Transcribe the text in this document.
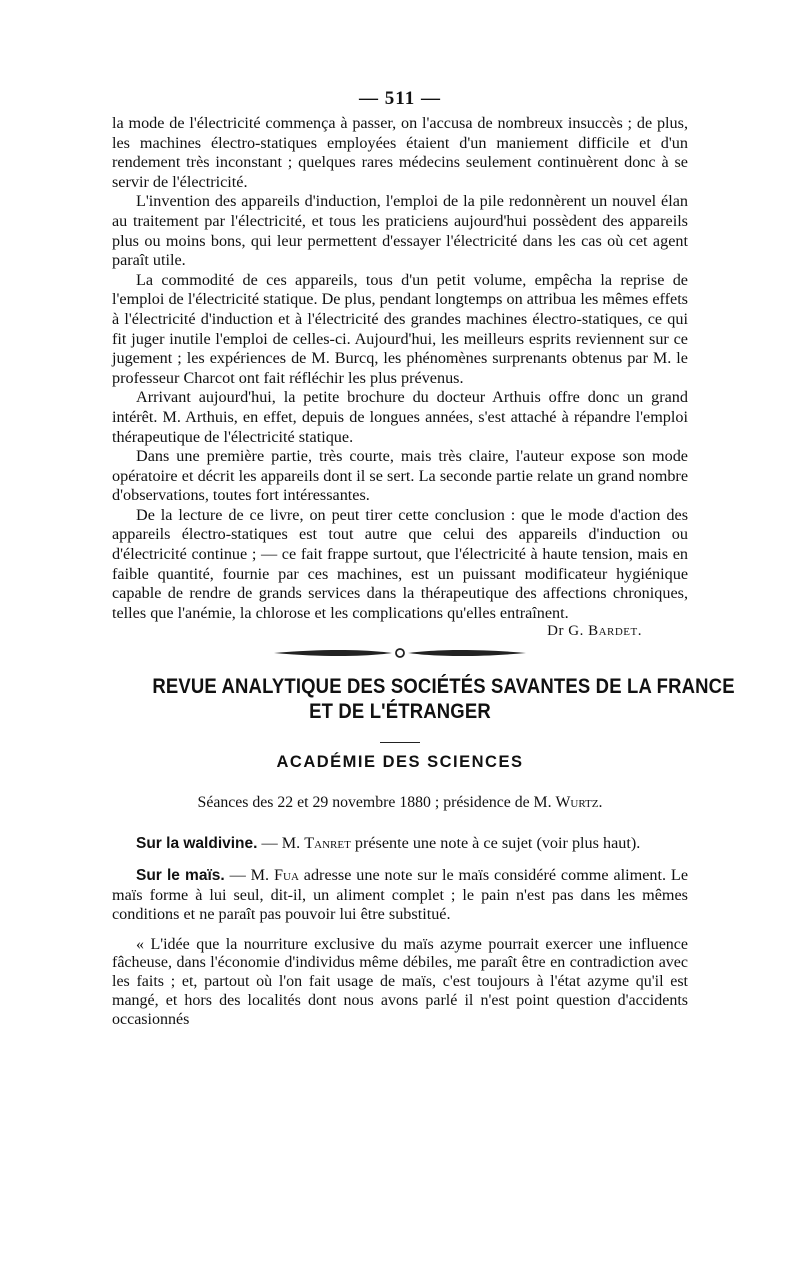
— 511 —

la mode de l'électricité commença à passer, on l'accusa de nombreux insuccès ; de plus, les machines électro-statiques employées étaient d'un maniement difficile et d'un rendement très inconstant ; quelques rares médecins seulement continuèrent donc à se servir de l'électricité.

L'invention des appareils d'induction, l'emploi de la pile redonnèrent un nouvel élan au traitement par l'électricité, et tous les praticiens aujourd'hui possèdent des appareils plus ou moins bons, qui leur permettent d'essayer l'électricité dans les cas où cet agent paraît utile.

La commodité de ces appareils, tous d'un petit volume, empêcha la reprise de l'emploi de l'électricité statique. De plus, pendant longtemps on attribua les mêmes effets à l'électricité d'induction et à l'électricité des grandes machines électro-statiques, ce qui fit juger inutile l'emploi de celles-ci. Aujourd'hui, les meilleurs esprits reviennent sur ce jugement ; les expériences de M. Burcq, les phénomènes surprenants obtenus par M. le professeur Charcot ont fait réfléchir les plus prévenus.

Arrivant aujourd'hui, la petite brochure du docteur Arthuis offre donc un grand intérêt. M. Arthuis, en effet, depuis de longues années, s'est attaché à répandre l'emploi thérapeutique de l'électricité statique.

Dans une première partie, très courte, mais très claire, l'auteur expose son mode opératoire et décrit les appareils dont il se sert. La seconde partie relate un grand nombre d'observations, toutes fort intéressantes.

De la lecture de ce livre, on peut tirer cette conclusion : que le mode d'action des appareils électro-statiques est tout autre que celui des appareils d'induction ou d'électricité continue ; — ce fait frappe surtout, que l'électricité à haute tension, mais en faible quantité, fournie par ces machines, est un puissant modificateur hygiénique capable de rendre de grands services dans la thérapeutique des affections chroniques, telles que l'anémie, la chlorose et les complications qu'elles entraînent.

Dr G. Bardet.
REVUE ANALYTIQUE DES SOCIÉTÉS SAVANTES DE LA FRANCE
ET DE L'ÉTRANGER
ACADÉMIE DES SCIENCES
Séances des 22 et 29 novembre 1880 ; présidence de M. Wurtz.

Sur la waldivine. — M. Tanret présente une note à ce sujet (voir plus haut).

Sur le maïs. — M. Fua adresse une note sur le maïs considéré comme aliment. Le maïs forme à lui seul, dit-il, un aliment complet ; le pain n'est pas dans les mêmes conditions et ne paraît pas pouvoir lui être substitué.

« L'idée que la nourriture exclusive du maïs azyme pourrait exercer une influence fâcheuse, dans l'économie d'individus même débiles, me paraît être en contradiction avec les faits ; et, partout où l'on fait usage de maïs, c'est toujours à l'état azyme qu'il est mangé, et hors des localités dont nous avons parlé il n'est point question d'accidents occasionnés
